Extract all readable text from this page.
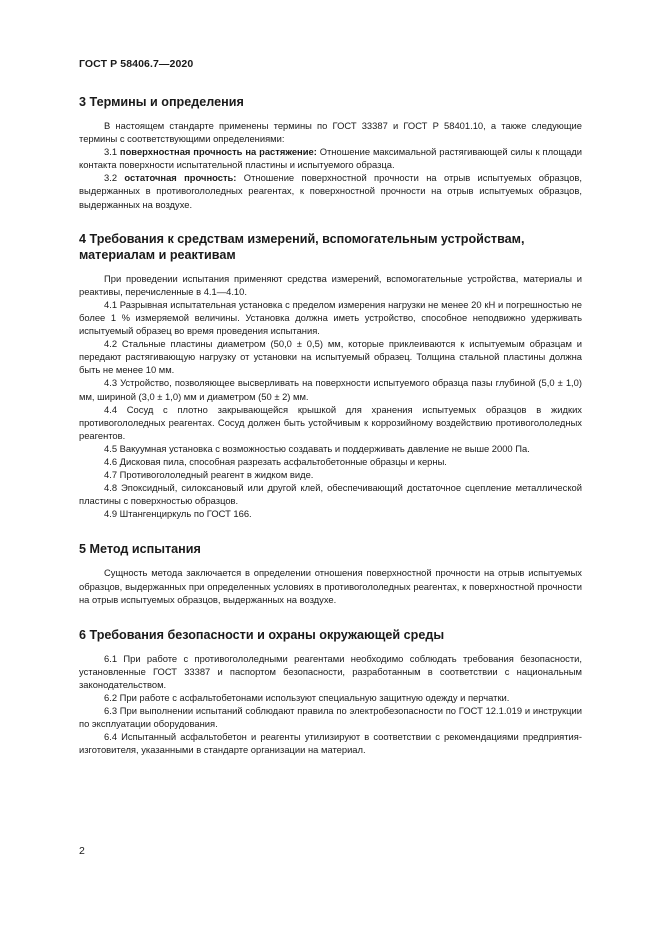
ГОСТ Р 58406.7—2020
3 Термины и определения

В настоящем стандарте применены термины по ГОСТ 33387 и ГОСТ Р 58401.10, а также следующие термины с соответствующими определениями:

3.1 поверхностная прочность на растяжение: Отношение максимальной растягивающей силы к площади контакта поверхности испытательной пластины и испытуемого образца.

3.2 остаточная прочность: Отношение поверхностной прочности на отрыв испытуемых образцов, выдержанных в противогололедных реагентах, к поверхностной прочности на отрыв испытуемых образцов, выдержанных на воздухе.

4 Требования к средствам измерений, вспомогательным устройствам, материалам и реактивам

При проведении испытания применяют средства измерений, вспомогательные устройства, материалы и реактивы, перечисленные в 4.1—4.10.

4.1 Разрывная испытательная установка с пределом измерения нагрузки не менее 20 кН и погрешностью не более 1 % измеряемой величины. Установка должна иметь устройство, способное неподвижно удерживать испытуемый образец во время проведения испытания.

4.2 Стальные пластины диаметром (50,0 ± 0,5) мм, которые приклеиваются к испытуемым образцам и передают растягивающую нагрузку от установки на испытуемый образец. Толщина стальной пластины должна быть не менее 10 мм.

4.3 Устройство, позволяющее высверливать на поверхности испытуемого образца пазы глубиной (5,0 ± 1,0) мм, шириной (3,0 ± 1,0) мм и диаметром (50 ± 2) мм.

4.4 Сосуд с плотно закрывающейся крышкой для хранения испытуемых образцов в жидких противогололедных реагентах. Сосуд должен быть устойчивым к коррозийному воздействию противогололедных реагентов.

4.5 Вакуумная установка с возможностью создавать и поддерживать давление не выше 2000 Па.

4.6 Дисковая пила, способная разрезать асфальтобетонные образцы и керны.

4.7 Противогололедный реагент в жидком виде.

4.8 Эпоксидный, силоксановый или другой клей, обеспечивающий достаточное сцепление металлической пластины с поверхностью образцов.

4.9 Штангенциркуль по ГОСТ 166.

5 Метод испытания

Сущность метода заключается в определении отношения поверхностной прочности на отрыв испытуемых образцов, выдержанных при определенных условиях в противогололедных реагентах, к поверхностной прочности на отрыв испытуемых образцов, выдержанных на воздухе.

6 Требования безопасности и охраны окружающей среды

6.1 При работе с противогололедными реагентами необходимо соблюдать требования безопасности, установленные ГОСТ 33387 и паспортом безопасности, разработанным в соответствии с национальным законодательством.

6.2 При работе с асфальтобетонами используют специальную защитную одежду и перчатки.

6.3 При выполнении испытаний соблюдают правила по электробезопасности по ГОСТ 12.1.019 и инструкции по эксплуатации оборудования.

6.4 Испытанный асфальтобетон и реагенты утилизируют в соответствии с рекомендациями предприятия-изготовителя, указанными в стандарте организации на материал.

2
